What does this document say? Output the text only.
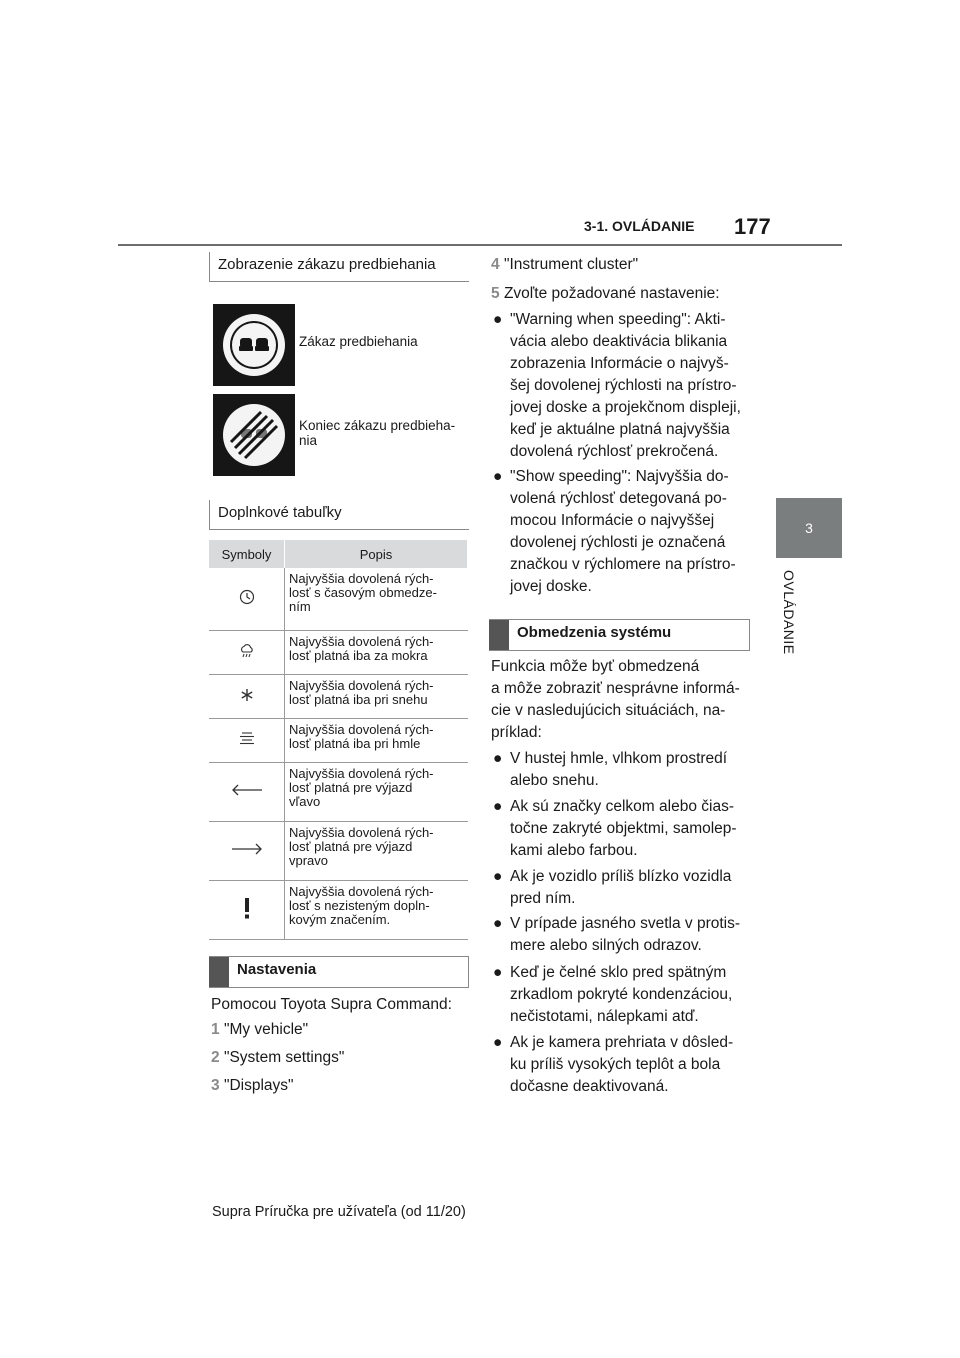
3-1. OVLÁDANIE 177
3
OVLÁDANIE
Zobrazenie zákazu predbiehania
Zákaz predbiehania
Koniec zákazu predbieha-
nia
Doplnkové tabuľky
Symboly	Popis
	Najvyššia dovolená rých-
losť s časovým obmedze-
ním
	Najvyššia dovolená rých-
losť platná iba za mokra
	Najvyššia dovolená rých-
losť platná iba pri snehu
	Najvyššia dovolená rých-
losť platná iba pri hmle
	Najvyššia dovolená rých-
losť platná pre výjazd
vľavo
	Najvyššia dovolená rých-
losť platná pre výjazd
vpravo
	Najvyššia dovolená rých-
losť s nezisteným dopln-
kovým značením.
Nastavenia
Pomocou Toyota Supra Command:
1 "My vehicle"
2 "System settings"
3 "Displays"
4 "Instrument cluster"
5 Zvoľte požadované nastavenie:
● "Warning when speeding": Akti-
vácia alebo deaktivácia blikania
zobrazenia Informácie o najvyš-
šej dovolenej rýchlosti na prístro-
jovej doske a projekčnom displeji,
keď je aktuálne platná najvyššia
dovolená rýchlosť prekročená.
● "Show speeding": Najvyššia do-
volená rýchlosť detegovaná po-
mocou Informácie o najvyššej
dovolenej rýchlosti je označená
značkou v rýchlomere na prístro-
jovej doske.
Obmedzenia systému
Funkcia môže byť obmedzená
a môže zobraziť nesprávne informá-
cie v nasledujúcich situáciách, na-
príklad:
● V hustej hmle, vlhkom prostredí
alebo snehu.
● Ak sú značky celkom alebo čias-
točne zakryté objektmi, samolep-
kami alebo farbou.
● Ak je vozidlo príliš blízko vozidla
pred ním.
● V prípade jasného svetla v protis-
mere alebo silných odrazov.
● Keď je čelné sklo pred spätným
zrkadlom pokryté kondenzáciou,
nečistotami, nálepkami atď.
● Ak je kamera prehriata v dôsled-
ku príliš vysokých teplôt a bola
dočasne deaktivovaná.
Supra Príručka pre užívateľa (od 11/20)
